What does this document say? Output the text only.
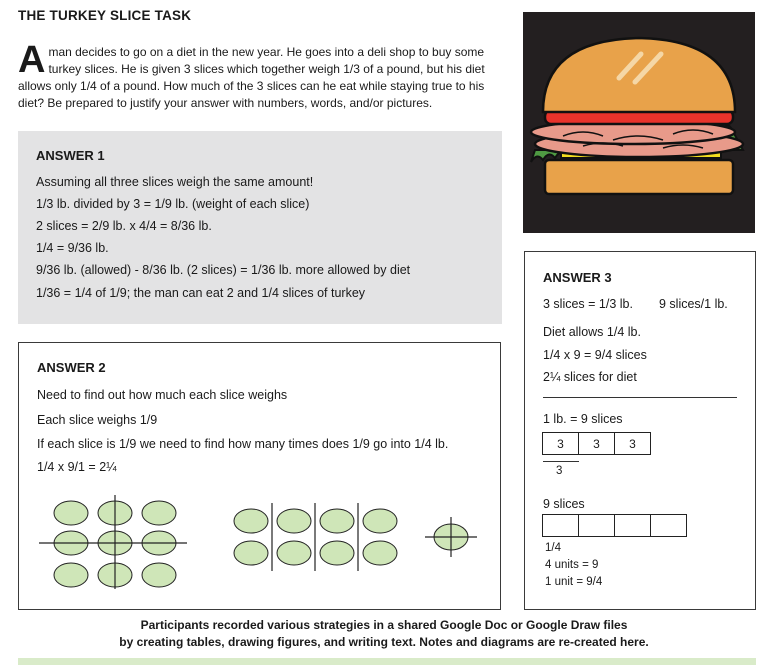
THE TURKEY SLICE TASK
Aman decides to go on a diet in the new year. He goes into a deli shop to buy some turkey slices. He is given 3 slices which together weigh 1/3 of a pound, but his diet allows only 1/4 of a pound. How much of the 3 slices can he eat while staying true to his diet? Be prepared to justify your answer with numbers, words, and/or pictures.
ANSWER 1
Assuming all three slices weigh the same amount!
1/3 lb. divided by 3 = 1/9 lb. (weight of each slice)
2 slices = 2/9 lb. x 4/4 = 8/36 lb.
1/4 = 9/36 lb.
9/36 lb. (allowed) - 8/36 lb. (2 slices) = 1/36 lb. more allowed by diet
1/36 = 1/4 of 1/9; the man can eat 2 and 1/4 slices of turkey
ANSWER 2
Need to find out how much each slice weighs
Each slice weighs 1/9
If each slice is 1/9 we need to find how many times does 1/9 go into 1/4 lb.
1/4 x 9/1 = 2¼
ANSWER 3
3 slices = 1/3 lb. 9 slices/1 lb.
Diet allows 1/4 lb.
1/4 x 9 = 9/4 slices
2¼ slices for diet
1 lb. = 9 slices
3	3	3
3
9 slices
1/4
4 units = 9
1 unit = 9/4
Participants recorded various strategies in a shared Google Doc or Google Draw files
by creating tables, drawing figures, and writing text. Notes and diagrams are re-created here.
